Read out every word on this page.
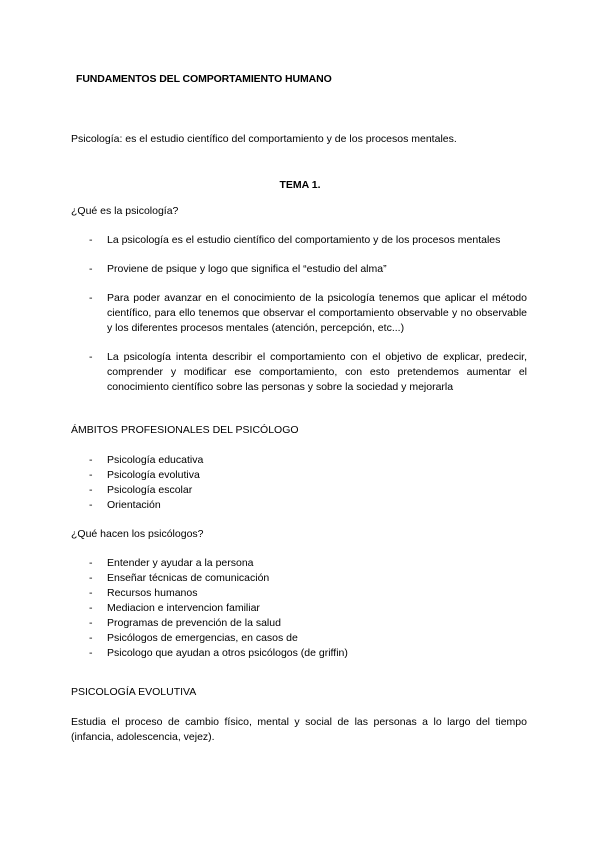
FUNDAMENTOS DEL COMPORTAMIENTO HUMANO

Psicología: es el estudio científico del comportamiento y de los procesos mentales.

TEMA 1.

¿Qué es la psicología?

- La psicología es el estudio científico del comportamiento y de los procesos mentales
- Proviene de psique y logo que significa el “estudio del alma”
- Para poder avanzar en el conocimiento de la psicología tenemos que aplicar el método científico, para ello tenemos que observar el comportamiento observable y no observable y los diferentes procesos mentales (atención, percepción, etc...)
- La psicología intenta describir el comportamiento con el objetivo de explicar, predecir, comprender y modificar ese comportamiento, con esto pretendemos aumentar el conocimiento científico sobre las personas y sobre la sociedad y mejorarla

ÁMBITOS PROFESIONALES DEL PSICÓLOGO

- Psicología educativa
- Psicología evolutiva
- Psicología escolar
- Orientación

¿Qué hacen los psicólogos?

- Entender y ayudar a la persona
- Enseñar técnicas de comunicación
- Recursos humanos
- Mediacion e intervencion familiar
- Programas de prevención de la salud
- Psicólogos de emergencias, en casos de
- Psicologo que ayudan a otros psicólogos (de griffin)

PSICOLOGÍA EVOLUTIVA

Estudia el proceso de cambio físico, mental y social de las personas a lo largo del tiempo (infancia, adolescencia, vejez).
